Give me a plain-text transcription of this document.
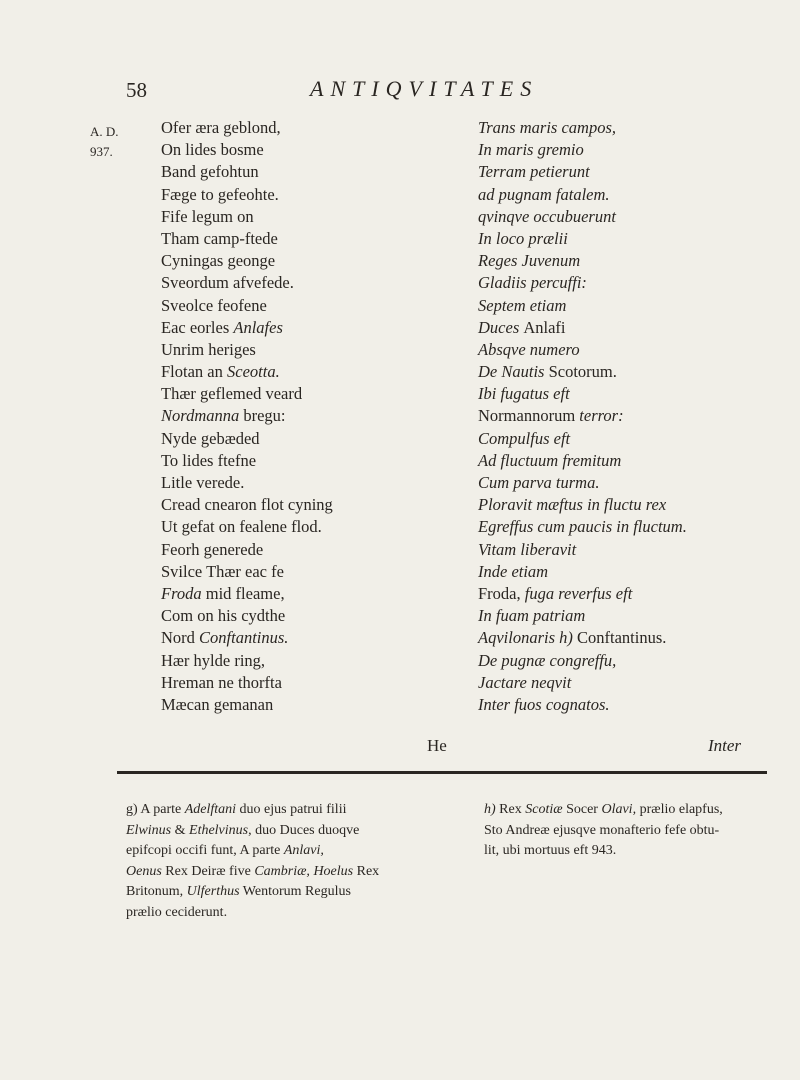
58	ANTIQVITATES
A. D.
937.
Ofer æra geblond,
On lides bosme
Band gefohtun
Fæge to gefeohte.
Fife legum on
Tham camp-ftede
Cyningas geonge
Sveordum afvefede.
Sveolce feofene
Eac eorles Anlafes
Unrim heriges
Flotan an Sceotta.
Thær geflemed veard
Nordmanna bregu:
Nyde gebæded
To lides ftefne
Litle verede.
Cread cnearon flot cyning
Ut gefat on fealene flod.
Feorh generede
Svilce Thær eac fe
Froda mid fleame,
Com on his cydthe
Nord Conftantinus.
Hær hylde ring,
Hreman ne thorfta
Mæcan gemanan
Trans maris campos,
In maris gremio
Terram petierunt
ad pugnam fatalem.
qvinqve occubuerunt
In loco prælii
Reges Juvenum
Gladiis percuffi:
Septem etiam
Duces Anlafi
Absqve numero
De Nautis Scotorum.
Ibi fugatus eft
Normannorum terror:
Compulfus eft
Ad fluctuum fremitum
Cum parva turma.
Ploravit mæftus in fluctu rex
Egreffus cum paucis in fluctum.
Vitam liberavit
Inde etiam
Froda, fuga reverfus eft
In fuam patriam
Aqvilonaris h) Conftantinus.
De pugnæ congreffu,
Jactare neqvit
Inter fuos cognatos.
He	Inter
g) A parte Adelftani duo ejus patrui filii
Elwinus & Ethelvinus, duo Duces duoqve
epifcopi occifi funt, A parte Anlavi,
Oenus Rex Deiræ five Cambriæ, Hoelus Rex
Britonum, Ulferthus Wentorum Regulus
prælio ceciderunt.
h) Rex Scotiæ Socer Olavi, prælio elapfus,
Sto Andreæ ejusqve monafterio fefe obtu-
lit, ubi mortuus eft 943.
